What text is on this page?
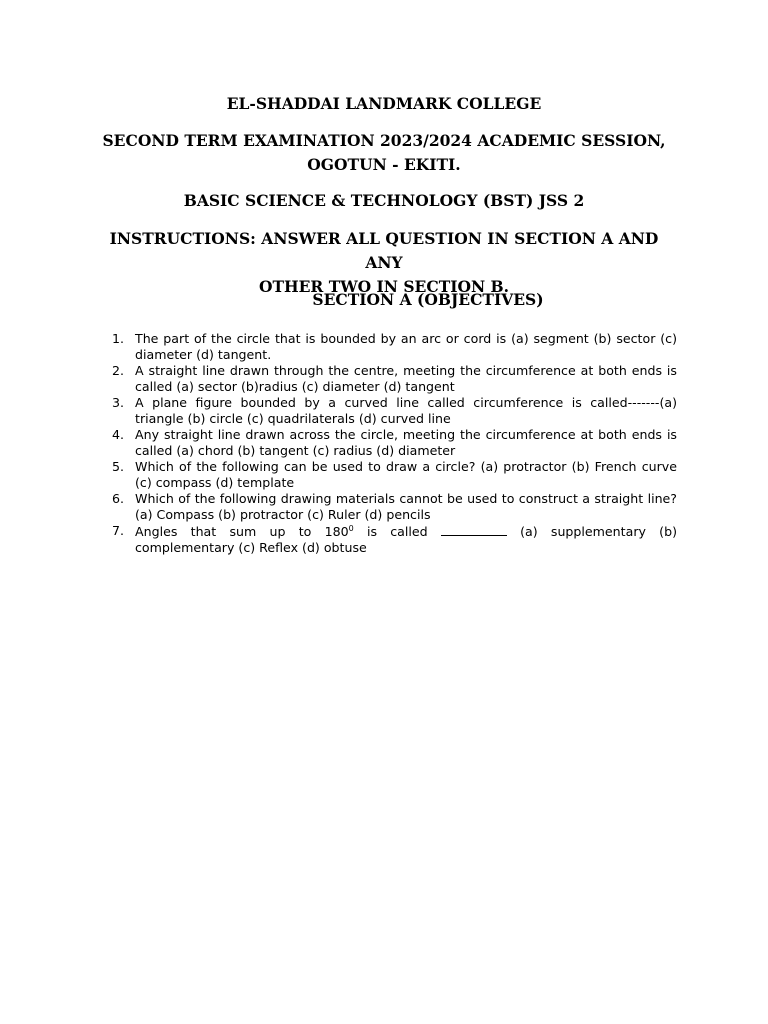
EL-SHADDAI LANDMARK COLLEGE
SECOND TERM EXAMINATION 2023/2024 ACADEMIC SESSION,
OGOTUN - EKITI.
BASIC SCIENCE & TECHNOLOGY (BST) JSS 2
INSTRUCTIONS: ANSWER ALL QUESTION IN SECTION A AND ANY
OTHER TWO IN SECTION B.
SECTION A (OBJECTIVES)
1. The part of the circle that is bounded by an arc or cord is (a) segment (b) sector (c) diameter (d) tangent.
2. A straight line drawn through the centre, meeting the circumference at both ends is called (a) sector (b)radius (c) diameter (d) tangent
3. A plane figure bounded by a curved line called circumference is called-------(a) triangle (b) circle (c) quadrilaterals (d) curved line
4. Any straight line drawn across the circle, meeting the circumference at both ends is called (a) chord (b) tangent (c) radius (d) diameter
5. Which of the following can be used to draw a circle? (a) protractor (b) French curve (c) compass (d) template
6. Which of the following drawing materials cannot be used to construct a straight line? (a) Compass (b) protractor (c) Ruler (d) pencils
7. Angles that sum up to $180^0$ is called	(a) supplementary (b) complementary (c) Reflex (d) obtuse
